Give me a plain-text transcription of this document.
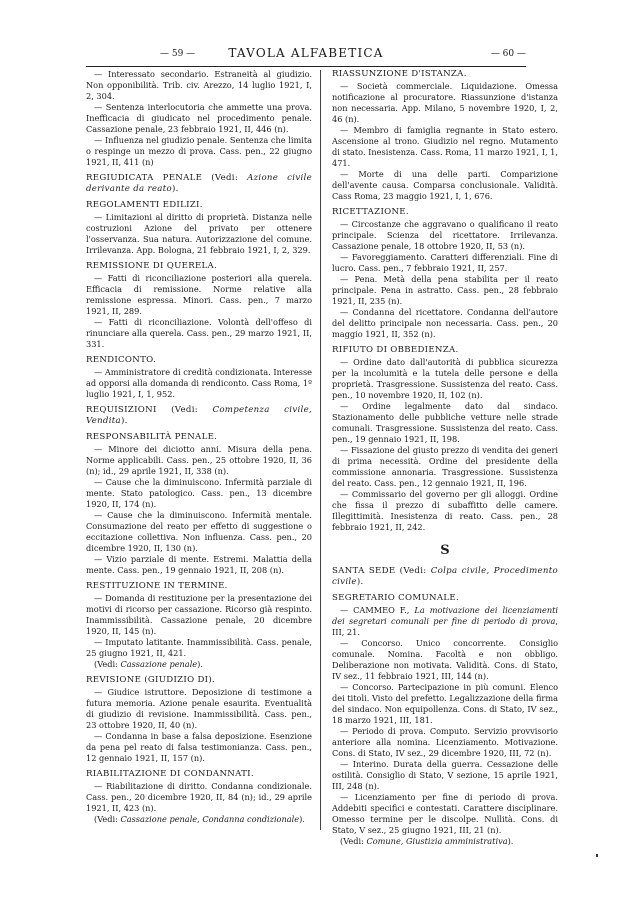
— 59 —	TAVOLA ALFABETICA	— 60 —
— Interessato secondario. Estraneità al giudizio. Non opponibilità. Trib. civ. Arezzo, 14 luglio 1921, I, 2, 304.
— Sentenza interlocutoria che ammette una prova. Inefficacia di giudicato nel procedimento penale. Cassazione penale, 23 febbraio 1921, II, 446 (n).
— Influenza nel giudizio penale. Sentenza che limita o respinge un mezzo di prova. Cass. pen., 22 giugno 1921, II, 411 (n)
REGIUDICATA PENALE (Vedi: Azione civile derivante da reato).
REGOLAMENTI EDILIZI.
— Limitazioni al diritto di proprietà. Distanza nelle costruzioni Azione del privato per ottenere l'osservanza. Sua natura. Autorizzazione del comune. Irrilevanza. App. Bologna, 21 febbraio 1921, I, 2, 329.
REMISSIONE DI QUERELA.
— Fatti di riconciliazione posteriori alla querela. Efficacia di remissione. Norme relative alla remissione espressa. Minori. Cass. pen., 7 marzo 1921, II, 289.
— Fatti di riconciliazione. Volontà dell'offeso di rinunciare alla querela. Cass. pen., 29 marzo 1921, II, 331.
RENDICONTO.
— Amministratore di credità condizionata. Interesse ad opporsi alla domanda di rendiconto. Cass Roma, 1º luglio 1921, I, 1, 952.
REQUISIZIONI (Vedi: Competenza civile, Vendita).
RESPONSABILITÀ PENALE.
— Minore dei diciotto anni. Misura della pena. Norme applicabili. Cass. pen., 25 ottobre 1920, II, 36 (n); id., 29 aprile 1921, II, 338 (n).
— Cause che la diminuiscono. Infermità parziale di mente. Stato patologico. Cass. pen., 13 dicembre 1920, II, 174 (n).
— Cause che la diminuiscono. Infermità mentale. Consumazione del reato per effetto di suggestione o eccitazione collettiva. Non influenza. Cass. pen., 20 dicembre 1920, II, 130 (n).
— Vizio parziale di mente. Estremi. Malattia della mente. Cass. pen., 19 gennaio 1921, II, 208 (n).
RESTITUZIONE IN TERMINE.
— Domanda di restituzione per la presentazione dei motivi di ricorso per cassazione. Ricorso già respinto. Inammissibilità. Cassazione penale, 20 dicembre 1920, II, 145 (n).
— Imputato latitante. Inammissibilità. Cass. penale, 25 giugno 1921, II, 421.
(Vedi: Cassazione penale).
REVISIONE (GIUDIZIO DI).
— Giudice istruttore. Deposizione di testimone a futura memoria. Azione penale esaurita. Eventualità di giudizio di revisione. Inammissibilità. Cass. pen., 23 ottobre 1920, II, 40 (n).
— Condanna in base a falsa deposizione. Esenzione da pena pel reato di falsa testimonianza. Cass. pen., 12 gennaio 1921, II, 157 (n).
RIABILITAZIONE DI CONDANNATI.
— Riabilitazione di diritto. Condanna condizionale. Cass. pen., 20 dicembre 1920, II, 84 (n); id., 29 aprile 1921, II, 423 (n).
(Vedi: Cassazione penale, Condanna condizionale).
RIASSUNZIONE D'ISTANZA.
— Società commerciale. Liquidazione. Omessa notificazione al procuratore. Riassunzione d'istanza non necessaria. App. Milano, 5 novembre 1920, I, 2, 46 (n).
— Membro di famiglia regnante in Stato estero. Ascensione al trono. Giudizio nel regno. Mutamento di stato. Inesistenza. Cass. Roma, 11 marzo 1921, I, 1, 471.
— Morte di una delle parti. Comparizione dell'avente causa. Comparsa conclusionale. Validità. Cass Roma, 23 maggio 1921, I, 1, 676.
RICETTAZIONE.
— Circostanze che aggravano o qualificano il reato principale. Scienza del ricettatore. Irrilevanza. Cassazione penale, 18 ottobre 1920, II, 53 (n).
— Favoreggiamento. Caratteri differenziali. Fine di lucro. Cass. pen., 7 febbraio 1921, II, 257.
— Pena. Metà della pena stabilita per il reato principale. Pena in astratto. Cass. pen., 28 febbraio 1921, II, 235 (n).
— Condanna del ricettatore. Condanna dell'autore del delitto principale non necessaria. Cass. pen., 20 maggio 1921, II, 352 (n).
RIFIUTO DI OBBEDIENZA.
— Ordine dato dall'autorità di pubblica sicurezza per la incolumità e la tutela delle persone e della proprietà. Trasgressione. Sussistenza del reato. Cass. pen., 10 novembre 1920, II, 102 (n).
— Ordine legalmente dato dal sindaco. Stazionamento delle pubbliche vetture nelle strade comunali. Trasgressione. Sussistenza del reato. Cass. pen., 19 gennaio 1921, II, 198.
— Fissazione del giusto prezzo di vendita dei generi di prima necessità. Ordine del presidente della commissione annonaria. Trasgressione. Sussistenza del reato. Cass. pen., 12 gennaio 1921, II, 196.
— Commissario del governo per gli alloggi. Ordine che fissa il prezzo di subaffitto delle camere. Illegittimità. Inesistenza di reato. Cass. pen., 28 febbraio 1921, II, 242.
S
SANTA SEDE (Vedi: Colpa civile, Procedimento civile).
SEGRETARIO COMUNALE.
— CAMMEO F., La motivazione dei licenziamenti dei segretari comunali per fine di periodo di prova, III, 21.
— Concorso. Unico concorrente. Consiglio comunale. Nomina. Facoltà e non obbligo. Deliberazione non motivata. Validità. Cons. di Stato, IV sez., 11 febbraio 1921, III, 144 (n).
— Concorso. Partecipazione in più comuni. Elenco dei titoli. Visto del prefetto. Legalizzazione della firma del sindaco. Non equipollenza. Cons. di Stato, IV sez., 18 marzo 1921, III, 181.
— Periodo di prova. Computo. Servizio provvisorio anteriore alla nomina. Licenziamento. Motivazione. Cons. di Stato, IV sez., 29 dicembre 1920, III, 72 (n).
— Interino. Durata della guerra. Cessazione delle ostilità. Consiglio di Stato, V sezione, 15 aprile 1921, III, 248 (n).
— Licenziamento per fine di periodo di prova. Addebiti specifici e contestati. Carattere disciplinare. Omesso termine per le discolpe. Nullità. Cons. di Stato, V sez., 25 giugno 1921, III, 21 (n).
(Vedi: Comune, Giustizia amministrativa).
